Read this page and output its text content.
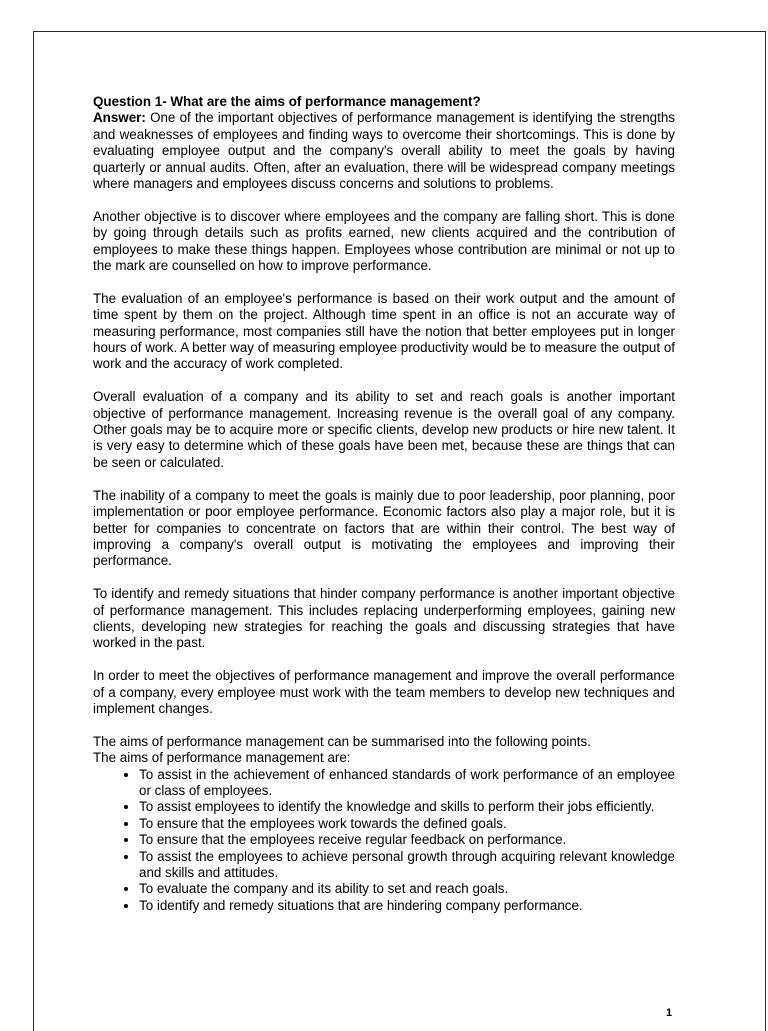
Question 1- What are the aims of performance management?

Answer: One of the important objectives of performance management is identifying the strengths and weaknesses of employees and finding ways to overcome their shortcomings. This is done by evaluating employee output and the company's overall ability to meet the goals by having quarterly or annual audits. Often, after an evaluation, there will be widespread company meetings where managers and employees discuss concerns and solutions to problems.

Another objective is to discover where employees and the company are falling short. This is done by going through details such as profits earned, new clients acquired and the contribution of employees to make these things happen. Employees whose contribution are minimal or not up to the mark are counselled on how to improve performance.

The evaluation of an employee's performance is based on their work output and the amount of time spent by them on the project. Although time spent in an office is not an accurate way of measuring performance, most companies still have the notion that better employees put in longer hours of work. A better way of measuring employee productivity would be to measure the output of work and the accuracy of work completed.

Overall evaluation of a company and its ability to set and reach goals is another important objective of performance management. Increasing revenue is the overall goal of any company. Other goals may be to acquire more or specific clients, develop new products or hire new talent. It is very easy to determine which of these goals have been met, because these are things that can be seen or calculated.

The inability of a company to meet the goals is mainly due to poor leadership, poor planning, poor implementation or poor employee performance. Economic factors also play a major role, but it is better for companies to concentrate on factors that are within their control. The best way of improving a company's overall output is motivating the employees and improving their performance.

To identify and remedy situations that hinder company performance is another important objective of performance management. This includes replacing underperforming employees, gaining new clients, developing new strategies for reaching the goals and discussing strategies that have worked in the past.

In order to meet the objectives of performance management and improve the overall performance of a company, every employee must work with the team members to develop new techniques and implement changes.

The aims of performance management can be summarised into the following points.

The aims of performance management are:

• To assist in the achievement of enhanced standards of work performance of an employee or class of employees.
• To assist employees to identify the knowledge and skills to perform their jobs efficiently.
• To ensure that the employees work towards the defined goals.
• To ensure that the employees receive regular feedback on performance.
• To assist the employees to achieve personal growth through acquiring relevant knowledge and skills and attitudes.
• To evaluate the company and its ability to set and reach goals.
• To identify and remedy situations that are hindering company performance.
1
